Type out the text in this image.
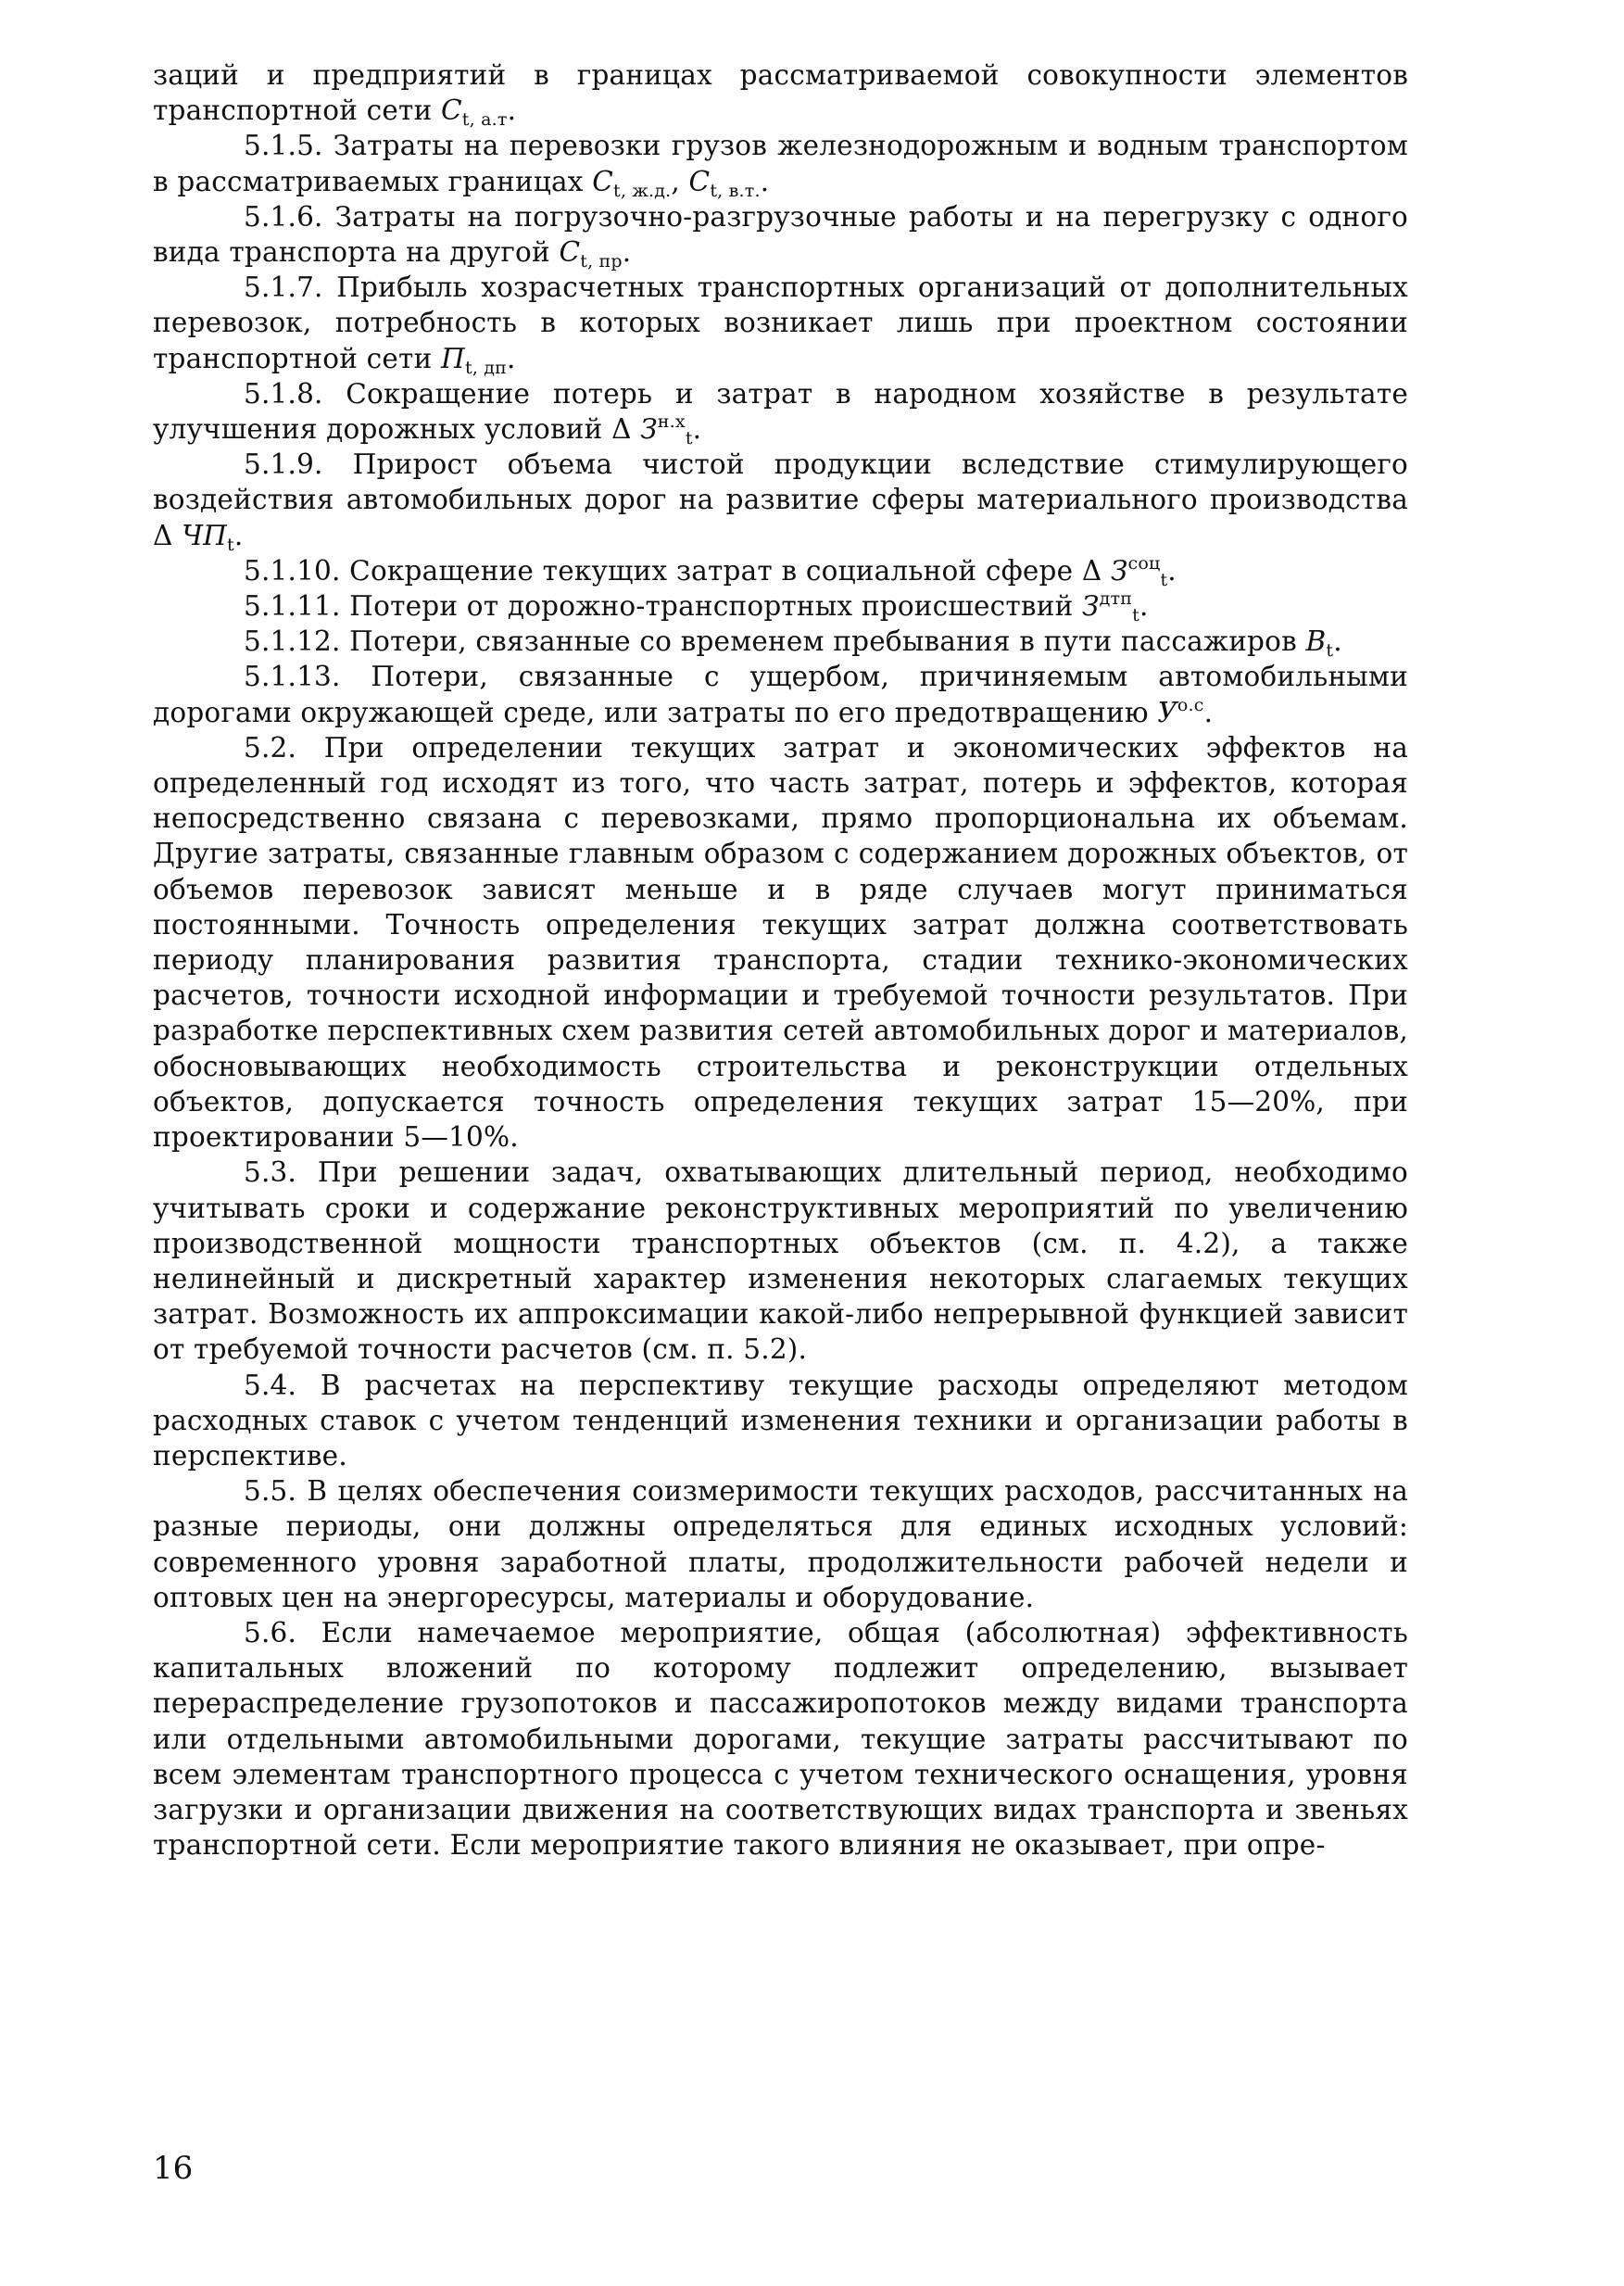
заций и предприятий в границах рассматриваемой совокупности элементов транспортной сети $C_{t, а.т}$.

5.1.5. Затраты на перевозки грузов железнодорожным и водным транспортом в рассматриваемых границах $C_{t, ж.д.}$, $C_{t, в.т.}$.

5.1.6. Затраты на погрузочно-разгрузочные работы и на перегрузку с одного вида транспорта на другой $C_{t, пр}$.

5.1.7. Прибыль хозрасчетных транспортных организаций от дополнительных перевозок, потребность в которых возникает лишь при проектном состоянии транспортной сети $П_{t, дп}$.

5.1.8. Сокращение потерь и затрат в народном хозяйстве в результате улучшения дорожных условий Δ $З^{н.х}_t$.

5.1.9. Прирост объема чистой продукции вследствие стимулирующего воздействия автомобильных дорог на развитие сферы материального производства Δ $ЧП_t$.

5.1.10. Сокращение текущих затрат в социальной сфере Δ $З^{соц}_t$.

5.1.11. Потери от дорожно-транспортных происшествий $З^{дтп}_t$.

5.1.12. Потери, связанные со временем пребывания в пути пассажиров $В_t$.

5.1.13. Потери, связанные с ущербом, причиняемым автомобильными дорогами окружающей среде, или затраты по его предотвращению $У^{о.с}$.

5.2. При определении текущих затрат и экономических эффектов на определенный год исходят из того, что часть затрат, потерь и эффектов, которая непосредственно связана с перевозками, прямо пропорциональна их объемам. Другие затраты, связанные главным образом с содержанием дорожных объектов, от объемов перевозок зависят меньше и в ряде случаев могут приниматься постоянными. Точность определения текущих затрат должна соответствовать периоду планирования развития транспорта, стадии технико-экономических расчетов, точности исходной информации и требуемой точности результатов. При разработке перспективных схем развития сетей автомобильных дорог и материалов, обосновывающих необходимость строительства и реконструкции отдельных объектов, допускается точность определения текущих затрат 15—20%, при проектировании 5—10%.

5.3. При решении задач, охватывающих длительный период, необходимо учитывать сроки и содержание реконструктивных мероприятий по увеличению производственной мощности транспортных объектов (см. п. 4.2), а также нелинейный и дискретный характер изменения некоторых слагаемых текущих затрат. Возможность их аппроксимации какой-либо непрерывной функцией зависит от требуемой точности расчетов (см. п. 5.2).

5.4. В расчетах на перспективу текущие расходы определяют методом расходных ставок с учетом тенденций изменения техники и организации работы в перспективе.

5.5. В целях обеспечения соизмеримости текущих расходов, рассчитанных на разные периоды, они должны определяться для единых исходных условий: современного уровня заработной платы, продолжительности рабочей недели и оптовых цен на энергоресурсы, материалы и оборудование.

5.6. Если намечаемое мероприятие, общая (абсолютная) эффективность капитальных вложений по которому подлежит определению, вызывает перераспределение грузопотоков и пассажиропотоков между видами транспорта или отдельными автомобильными дорогами, текущие затраты рассчитывают по всем элементам транспортного процесса с учетом технического оснащения, уровня загрузки и организации движения на соответствующих видах транспорта и звеньях транспортной сети. Если мероприятие такого влияния не оказывает, при опре-

16
